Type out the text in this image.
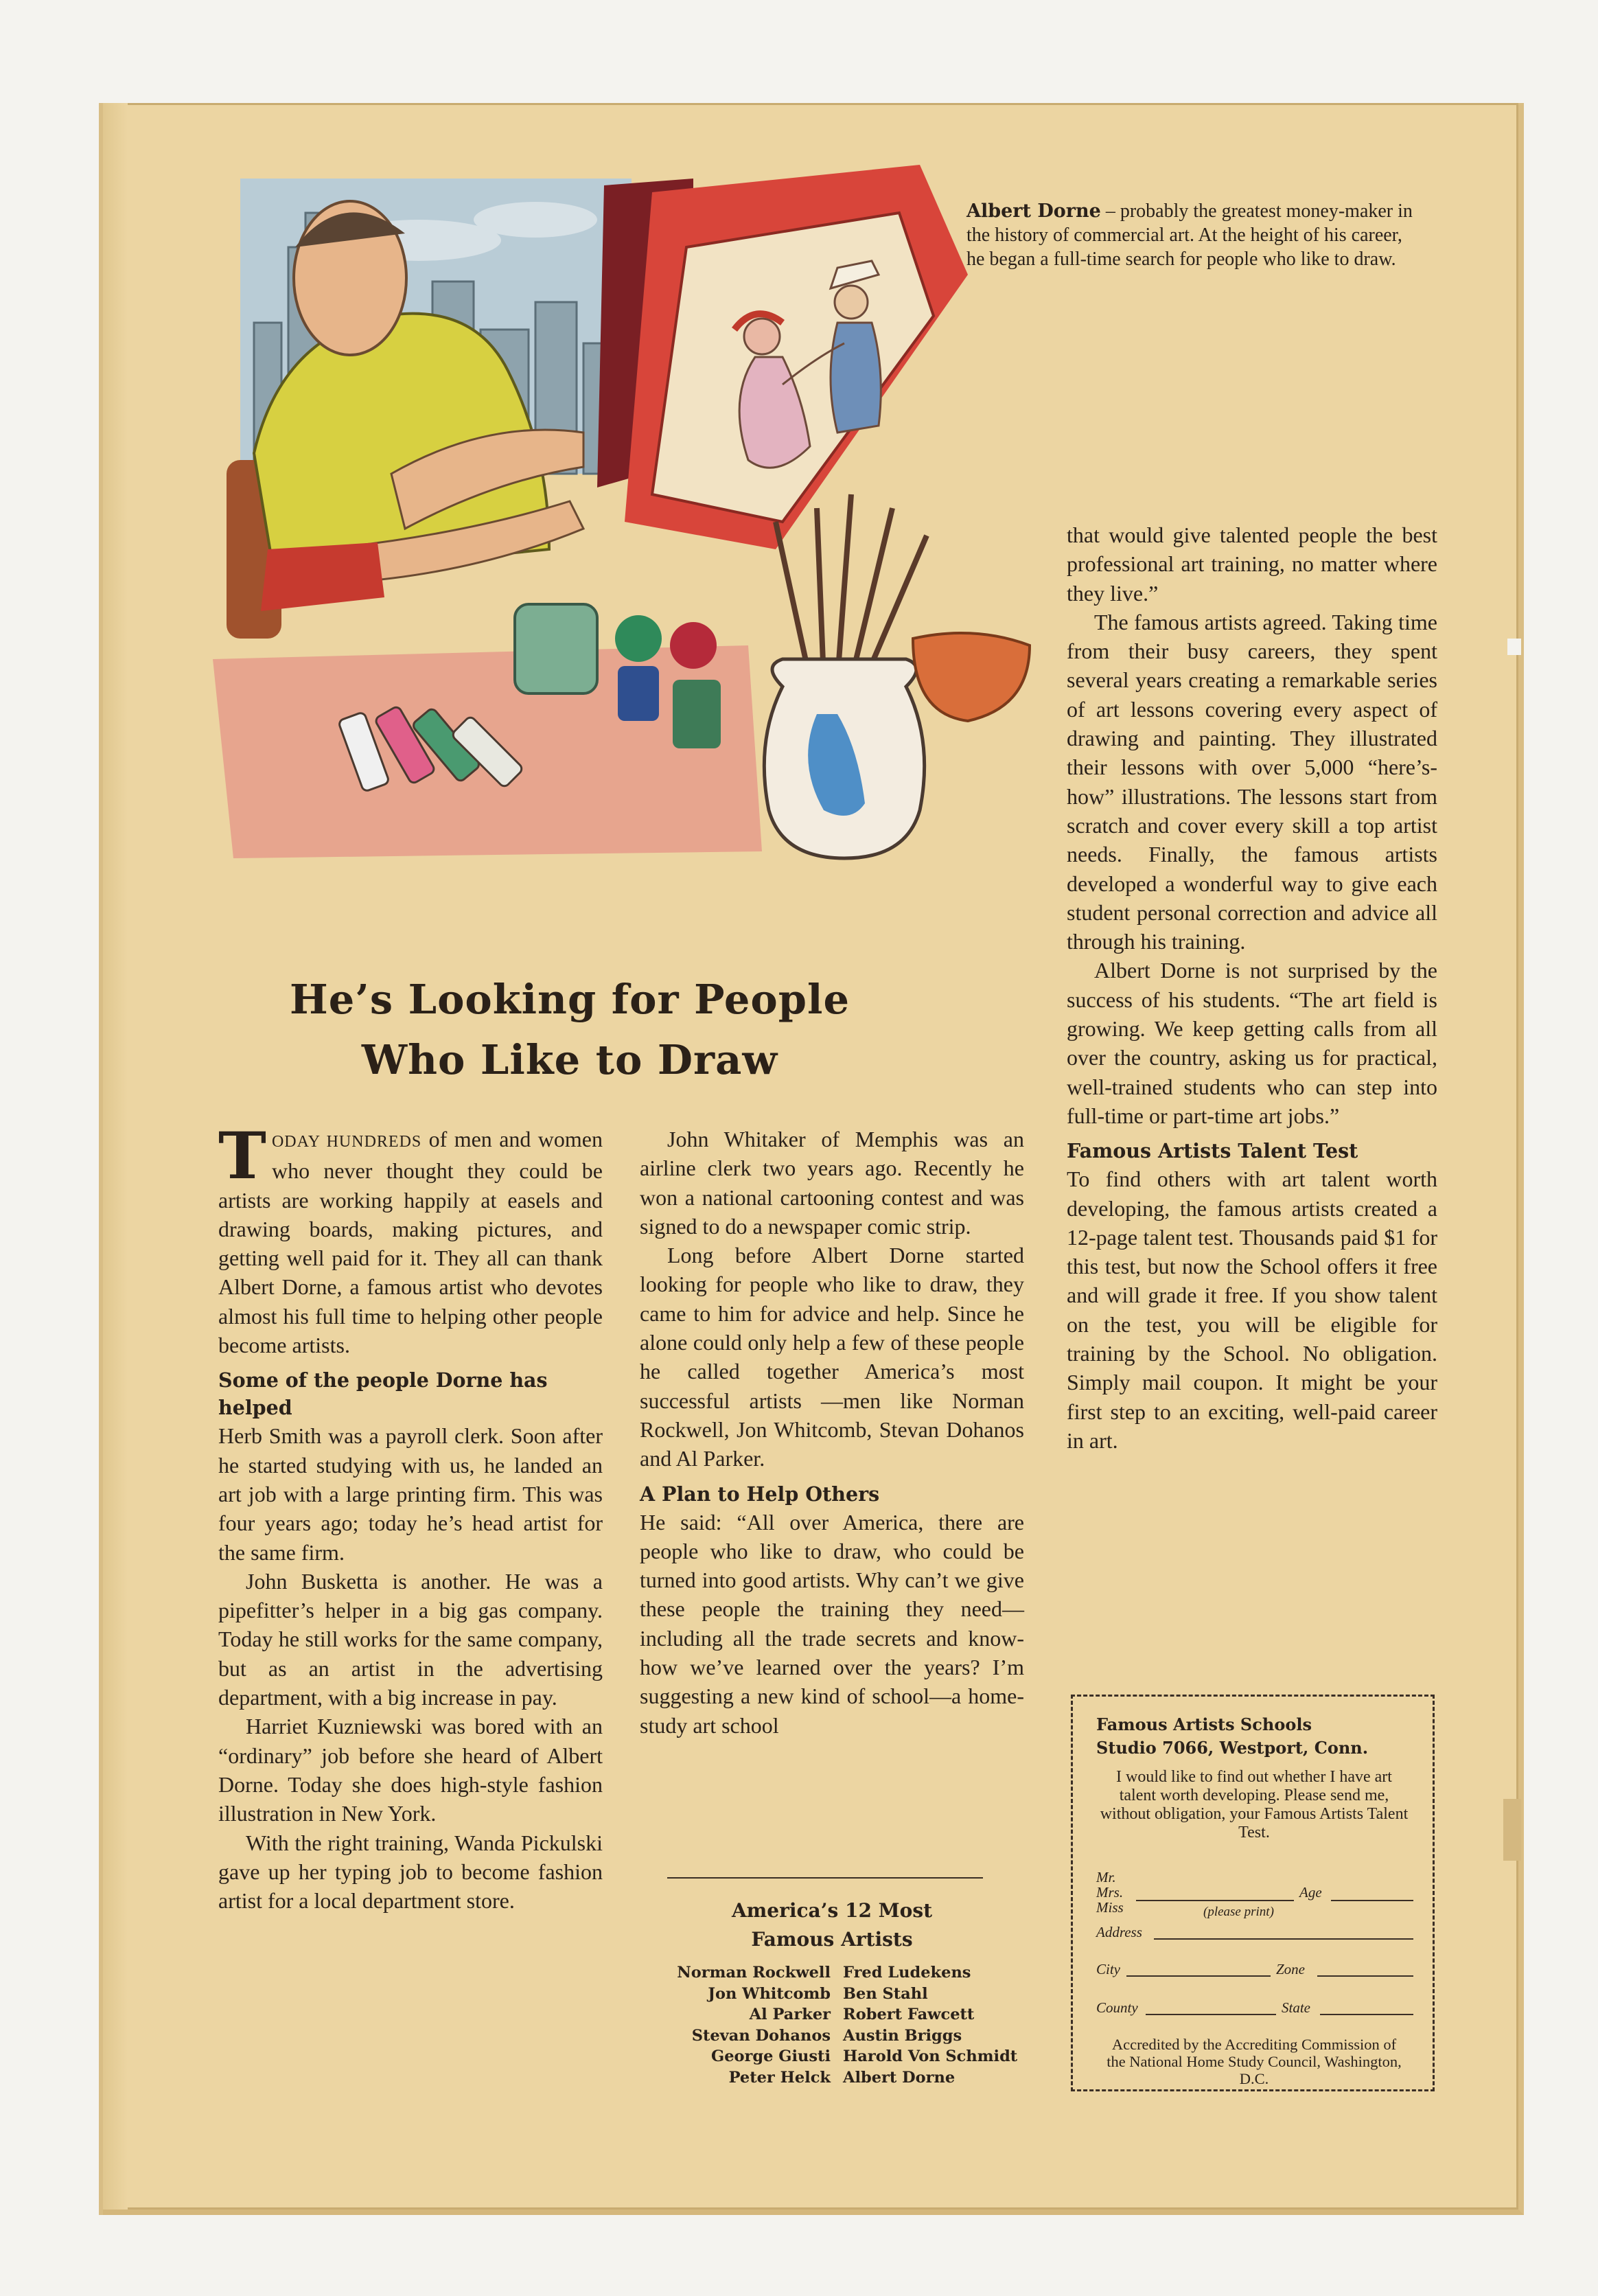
Albert Dorne – probably the greatest money-maker in the history of commercial art. At the height of his career, he began a full-time search for people who like to draw.
He’s Looking for People
Who Like to Draw

TODAY HUNDREDS of men and women who never thought they could be artists are working happily at easels and drawing boards, making pictures, and getting well paid for it. They all can thank Albert Dorne, a famous artist who devotes almost his full time to helping other people become artists.

Some of the people Dorne has helped

Herb Smith was a payroll clerk. Soon after he started studying with us, he landed an art job with a large printing firm. This was four years ago; today he’s head artist for the same firm.

John Busketta is another. He was a pipefitter’s helper in a big gas company. Today he still works for the same company, but as an artist in the advertising department, with a big increase in pay.

Harriet Kuzniewski was bored with an “ordinary” job before she heard of Albert Dorne. Today she does high-style fashion illustration in New York.

With the right training, Wanda Pickulski gave up her typing job to become fashion artist for a local department store.

John Whitaker of Memphis was an airline clerk two years ago. Recently he won a national cartooning contest and was signed to do a newspaper comic strip.

Long before Albert Dorne started looking for people who like to draw, they came to him for advice and help. Since he alone could only help a few of these people he called together America’s most successful artists —men like Norman Rockwell, Jon Whitcomb, Stevan Dohanos and Al Parker.

A Plan to Help Others

He said: “All over America, there are people who like to draw, who could be turned into good artists. Why can’t we give these people the training they need—including all the trade secrets and know-how we’ve learned over the years? I’m suggesting a new kind of school—a home-study art school

America’s 12 Most
Famous Artists
Norman Rockwell
Jon Whitcomb
Al Parker
Stevan Dohanos
George Giusti
Peter Helck
Fred Ludekens
Ben Stahl
Robert Fawcett
Austin Briggs
Harold Von Schmidt
Albert Dorne

that would give talented people the best professional art training, no matter where they live.”

The famous artists agreed. Taking time from their busy careers, they spent several years creating a remarkable series of art lessons covering every aspect of drawing and painting. They illustrated their lessons with over 5,000 “here’s-how” illustrations. The lessons start from scratch and cover every skill a top artist needs. Finally, the famous artists developed a wonderful way to give each student personal correction and advice all through his training.

Albert Dorne is not surprised by the success of his students. “The art field is growing. We keep getting calls from all over the country, asking us for practical, well-trained students who can step into full-time or part-time art jobs.”

Famous Artists Talent Test

To find others with art talent worth developing, the famous artists created a 12-page talent test. Thousands paid $1 for this test, but now the School offers it free and will grade it free. If you show talent on the test, you will be eligible for training by the School. No obligation. Simply mail coupon. It might be your first step to an exciting, well-paid career in art.

Famous Artists Schools
Studio 7066, Westport, Conn.
I would like to find out whether I have art talent worth developing. Please send me, without obligation, your Famous Artists Talent Test.
Mr.
Mrs.
Miss
Age
(please print)
Address
City	Zone
County	State
Accredited by the Accrediting Commission of the National Home Study Council, Washington, D.C.
